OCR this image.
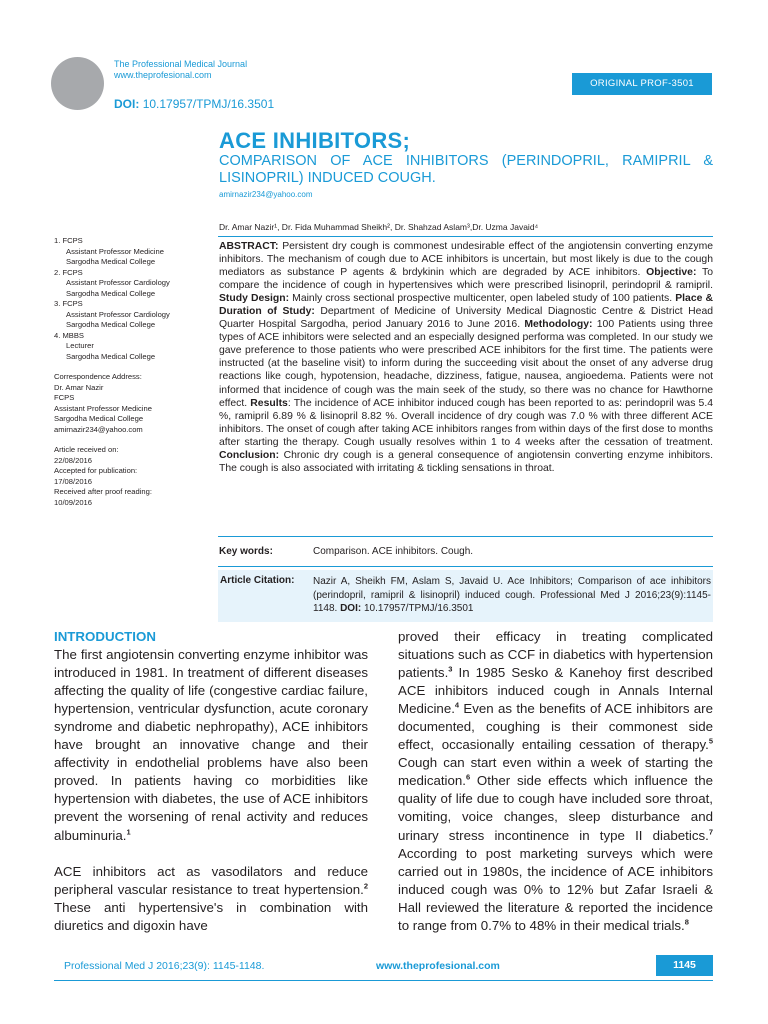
The Professional Medical Journal
www.theprofesional.com
DOI: 10.17957/TPMJ/16.3501
ORIGINAL PROF-3501
ACE INHIBITORS;
COMPARISON OF ACE INHIBITORS (PERINDOPRIL, RAMIPRIL & LISINOPRIL) INDUCED COUGH.
amirnazir234@yahoo.com
Dr. Amar Nazir¹, Dr. Fida Muhammad Sheikh², Dr. Shahzad Aslam³,Dr. Uzma Javaid⁴
ABSTRACT: Persistent dry cough is commonest undesirable effect of the angiotensin converting enzyme inhibitors. The mechanism of cough due to ACE inhibitors is uncertain, but most likely is due to the cough mediators as substance P agents & brdykinin which are degraded by ACE inhibitors. Objective: To compare the incidence of cough in hypertensives which were prescribed lisinopril, perindopril & ramipril. Study Design: Mainly cross sectional prospective multicenter, open labeled study of 100 patients. Place & Duration of Study: Department of Medicine of University Medical Diagnostic Centre & District Head Quarter Hospital Sargodha, period January 2016 to June 2016. Methodology: 100 Patients using three types of ACE inhibitors were selected and an especially designed performa was completed. In our study we gave preference to those patients who were prescribed ACE inhibitors for the first time. The patients were instructed (at the baseline visit) to inform during the succeeding visit about the onset of any adverse drug reactions like cough, hypotension, headache, dizziness, fatigue, nausea, angioedema. Patients were not informed that incidence of cough was the main seek of the study, so there was no chance for Hawthorne effect. Results: The incidence of ACE inhibitor induced cough has been reported to as: perindopril was 5.4 %, ramipril 6.89 % & lisinopril 8.82 %. Overall incidence of dry cough was 7.0 % with three different ACE inhibitors. The onset of cough after taking ACE inhibitors ranges from within days of the first dose to months after starting the therapy. Cough usually resolves within 1 to 4 weeks after the cessation of treatment. Conclusion: Chronic dry cough is a general consequence of angiotensin converting enzyme inhibitors. The cough is also associated with irritating & tickling sensations in throat.
1. FCPS
Assistant Professor Medicine
Sargodha Medical College
2. FCPS
Assistant Professor Cardiology
Sargodha Medical College
3. FCPS
Assistant Professor Cardiology
Sargodha Medical College
4. MBBS
Lecturer
Sargodha Medical College
Correspondence Address:
Dr. Amar Nazir
FCPS
Assistant Professor Medicine
Sargodha Medical College
amirnazir234@yahoo.com
Article received on:
22/08/2016
Accepted for publication:
17/08/2016
Received after proof reading:
10/09/2016
Key words:	Comparison. ACE inhibitors. Cough.
Article Citation: Nazir A, Sheikh FM, Aslam S, Javaid U. Ace Inhibitors; Comparison of ace inhibitors (perindopril, ramipril & lisinopril) induced cough. Professional Med J 2016;23(9):1145-1148. DOI: 10.17957/TPMJ/16.3501
INTRODUCTION
The first angiotensin converting enzyme inhibitor was introduced in 1981. In treatment of different diseases affecting the quality of life (congestive cardiac failure, hypertension, ventricular dysfunction, acute coronary syndrome and diabetic nephropathy), ACE inhibitors have brought an innovative change and their affectivity in endothelial problems have also been proved. In patients having co morbidities like hypertension with diabetes, the use of ACE inhibitors prevent the worsening of renal activity and reduces albuminuria.$^1$
ACE inhibitors act as vasodilators and reduce peripheral vascular resistance to treat hypertension.$^2$ These anti hypertensive's in combination with diuretics and digoxin have
proved their efficacy in treating complicated situations such as CCF in diabetics with hypertension patients.$^3$ In 1985 Sesko & Kanehoy first described ACE inhibitors induced cough in Annals Internal Medicine.$^4$ Even as the benefits of ACE inhibitors are documented, coughing is their commonest side effect, occasionally entailing cessation of therapy.$^5$ Cough can start even within a week of starting the medication.$^6$ Other side effects which influence the quality of life due to cough have included sore throat, vomiting, voice changes, sleep disturbance and urinary stress incontinence in type II diabetics.$^7$ According to post marketing surveys which were carried out in 1980s, the incidence of ACE inhibitors induced cough was 0% to 12% but Zafar Israeli & Hall reviewed the literature & reported the incidence to range from 0.7% to 48% in their medical trials.$^8$
Professional Med J 2016;23(9): 1145-1148.	www.theprofesional.com	1145
